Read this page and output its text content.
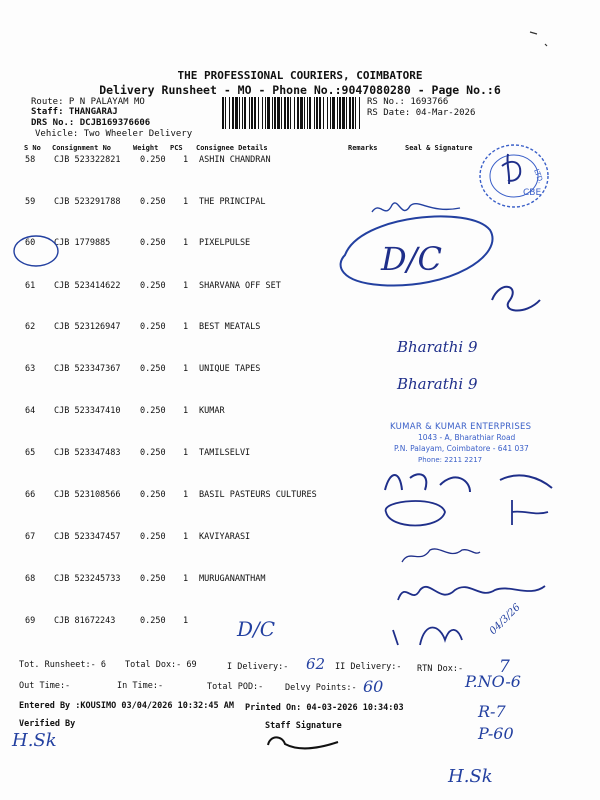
THE PROFESSIONAL COURIERS, COIMBATORE
Delivery Runsheet - MO - Phone No.:9047080280 - Page No.:6
Route: P N PALAYAM MO
Staff: THANGARAJ
DRS No.: DCJB169376606
Vehicle: Two Wheeler Delivery
RS No.: 1693766
RS Date: 04-Mar-2026
S No Consignment No	Weight PCS Consignee Details	Remarks	Seal & Signature
58 CJB 523322821 0.250 1 ASHIN CHANDRAN
59 CJB 523291788 0.250 1 THE PRINCIPAL
60 CJB 1779885	0.250 1 PIXELPULSE
61 CJB 523414622 0.250 1 SHARVANA OFF SET
62 CJB 523126947 0.250 1 BEST MEATALS
63 CJB 523347367 0.250 1 UNIQUE TAPES
64 CJB 523347410 0.250 1 KUMAR
65 CJB 523347483 0.250 1 TAMILSELVI
66 CJB 523108566 0.250 1 BASIL PASTEURS CULTURES
67 CJB 523347457 0.250 1 KAVIYARASI
68 CJB 523245733 0.250 1 MURUGANANTHAM
69 CJB 81672243	0.250 1
Tot. Runsheet:- 6 Total Dox:- 69	I Delivery:-	II Delivery:- RTN Dox:-
Out Time:-	In Time:-	Total POD:-	Delvy Points:-
Entered By :KOUSIMO 03/04/2026 10:32:45 AM Printed On: 04-03-2026 10:34:03
Verified By	Staff Signature
CBE
LTD.
KUMAR & KUMAR ENTERPRISES
1043 - A, Bharathiar Road
P.N. Palayam, Coimbatore - 641 037
Phone: 2211 2217
D/C
D/C
Bharathi 9
Bharathi 9
62
60
7
P.NO-6
R-7
P-60
H.Sk
H.Sk
04/3/26
